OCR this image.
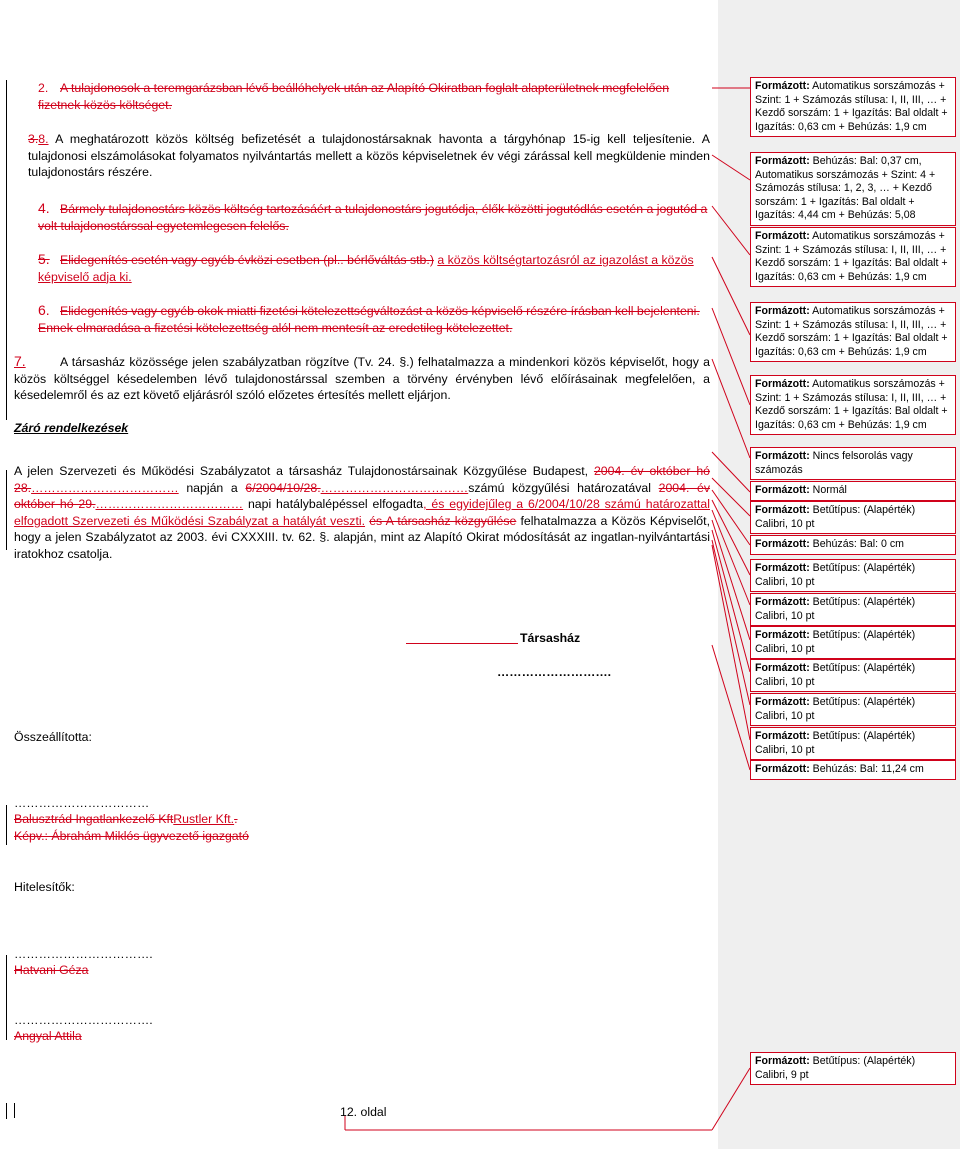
2. A tulajdonosok a teremgarázsban lévő beállóhelyek után az Alapító Okiratban foglalt alapterületnek megfelelően fizetnek közös költséget.
3.8. A meghatározott közös költség befizetését a tulajdonostársaknak havonta a tárgyhónap 15-ig kell teljesítenie. A tulajdonosi elszámolásokat folyamatos nyilvántartás mellett a közös képviseletnek év végi zárással kell megküldenie minden tulajdonostárs részére.
4. Bármely tulajdonostárs közös költség tartozásáért a tulajdonostárs jogutódja, élők közötti jogutódlás esetén a jogutód a volt tulajdonostárssal egyetemlegesen felelős.
5. Elidegenítés esetén vagy egyéb évközi esetben (pl.. bérlőváltás stb.) a közös költségtartozásról az igazolást a közös képviselő adja ki.
6. Elidegenítés vagy egyéb okok miatti fizetési kötelezettségváltozást a közös képviselő részére írásban kell bejelenteni. Ennek elmaradása a fizetési kötelezettség alól nem mentesít az eredetileg kötelezettet.
7.	A társasház közössége jelen szabályzatban rögzítve (Tv. 24. §.) felhatalmazza a mindenkori közös képviselőt, hogy a közös költséggel késedelemben lévő tulajdonostárssal szemben a törvény érvényben lévő előírásainak megfelelően, a késedelemről és az ezt követő eljárásról szóló előzetes értesítés mellett eljárjon.
Záró rendelkezések
A jelen Szervezeti és Működési Szabályzatot a társasház Tulajdonostársainak Közgyűlése Budapest, 2004. év október hó 28.……………………………… napján a 6/2004/10/28.………………………………számú közgyűlési határozatával 2004. év október hó 29.……………………………… napi hatálybalépéssel elfogadta, és egyidejűleg a 6/2004/10/28 számú határozattal elfogadott Szervezeti és Működési Szabályzat a hatályát veszti. és A társasház közgyűlése felhatalmazza a Közös Képviselőt, hogy a jelen Szabályzatot az 2003. évi CXXXIII. tv. 62. §. alapján, mint az Alapító Okirat módosítását az ingatlan-nyilvántartási iratokhoz csatolja.
Társasház
……………………….
Összeállította:
……………………………
Balusztrád Ingatlankezelő KftRustler Kft..
Képv.: Ábrahám Miklós ügyvezető igazgató
Hitelesítők:
…………………………….
Hatvani Géza
…………………………….
Angyal Attila
12. oldal
Formázott: Automatikus sorszámozás + Szint: 1 + Számozás stílusa: I, II, III, … + Kezdő sorszám: 1 + Igazítás: Bal oldalt + Igazítás: 0,63 cm + Behúzás: 1,9 cm
Formázott: Behúzás: Bal: 0,37 cm, Automatikus sorszámozás + Szint: 4 + Számozás stílusa: 1, 2, 3, … + Kezdő sorszám: 1 + Igazítás: Bal oldalt + Igazítás: 4,44 cm + Behúzás: 5,08
Formázott: Automatikus sorszámozás + Szint: 1 + Számozás stílusa: I, II, III, … + Kezdő sorszám: 1 + Igazítás: Bal oldalt + Igazítás: 0,63 cm + Behúzás: 1,9 cm
Formázott: Automatikus sorszámozás + Szint: 1 + Számozás stílusa: I, II, III, … + Kezdő sorszám: 1 + Igazítás: Bal oldalt + Igazítás: 0,63 cm + Behúzás: 1,9 cm
Formázott: Automatikus sorszámozás + Szint: 1 + Számozás stílusa: I, II, III, … + Kezdő sorszám: 1 + Igazítás: Bal oldalt + Igazítás: 0,63 cm + Behúzás: 1,9 cm
Formázott: Nincs felsorolás vagy számozás
Formázott: Normál
Formázott: Betűtípus: (Alapérték) Calibri, 10 pt
Formázott: Behúzás: Bal: 0 cm
Formázott: Betűtípus: (Alapérték) Calibri, 10 pt
Formázott: Betűtípus: (Alapérték) Calibri, 10 pt
Formázott: Betűtípus: (Alapérték) Calibri, 10 pt
Formázott: Betűtípus: (Alapérték) Calibri, 10 pt
Formázott: Betűtípus: (Alapérték) Calibri, 10 pt
Formázott: Betűtípus: (Alapérték) Calibri, 10 pt
Formázott: Behúzás: Bal: 11,24 cm
Formázott: Betűtípus: (Alapérték) Calibri, 9 pt
